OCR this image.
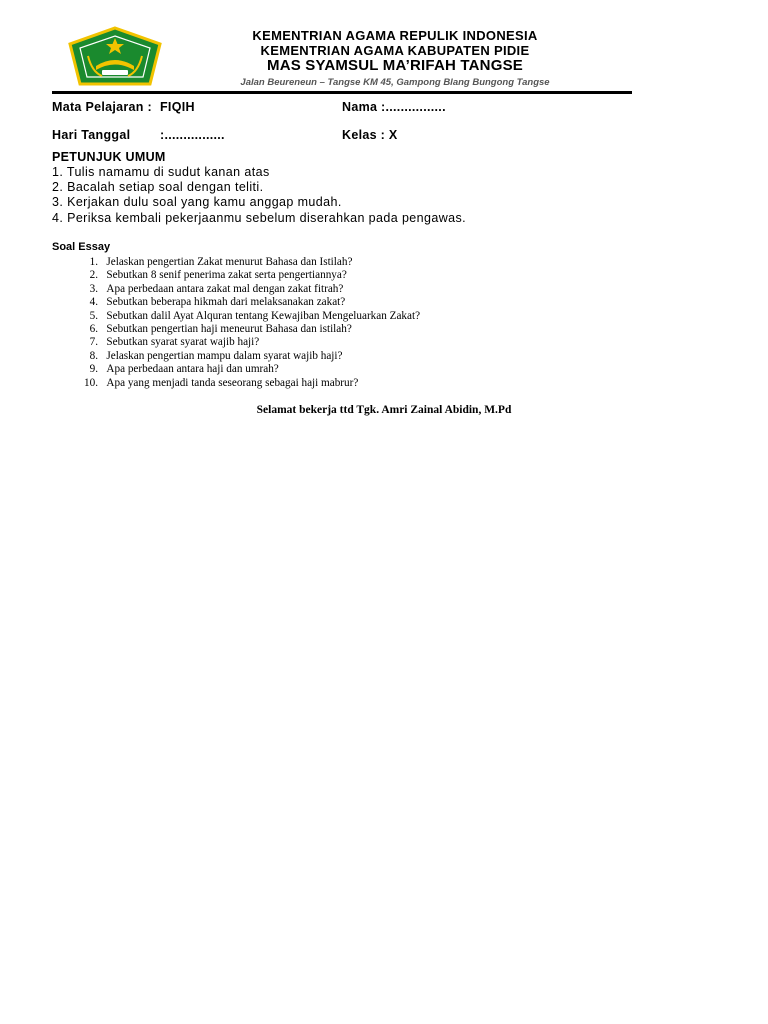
KEMENTRIAN AGAMA REPULIK INDONESIA
KEMENTRIAN AGAMA KABUPATEN PIDIE
MAS SYAMSUL MA’RIFAH TANGSE
Jalan Beureneun – Tangse KM 45, Gampong Blang Bungong Tangse
Mata Pelajaran : FIQIH	Nama :................
Hari Tanggal :................	Kelas : X
PETUNJUK UMUM
1. Tulis namamu di sudut kanan atas
2. Bacalah setiap soal dengan teliti.
3. Kerjakan dulu soal yang kamu anggap mudah.
4. Periksa kembali pekerjaanmu sebelum diserahkan pada pengawas.
Soal Essay
1. Jelaskan pengertian Zakat menurut Bahasa dan Istilah?
2. Sebutkan 8 senif penerima zakat serta pengertiannya?
3. Apa perbedaan antara zakat mal dengan zakat fitrah?
4. Sebutkan beberapa hikmah dari melaksanakan zakat?
5. Sebutkan dalil Ayat Alquran tentang Kewajiban Mengeluarkan Zakat?
6. Sebutkan pengertian haji meneurut Bahasa dan istilah?
7. Sebutkan syarat syarat wajib haji?
8. Jelaskan pengertian mampu dalam syarat wajib haji?
9. Apa perbedaan antara haji dan umrah?
10. Apa yang menjadi tanda seseorang sebagai haji mabrur?
Selamat bekerja ttd Tgk. Amri Zainal Abidin, M.Pd
